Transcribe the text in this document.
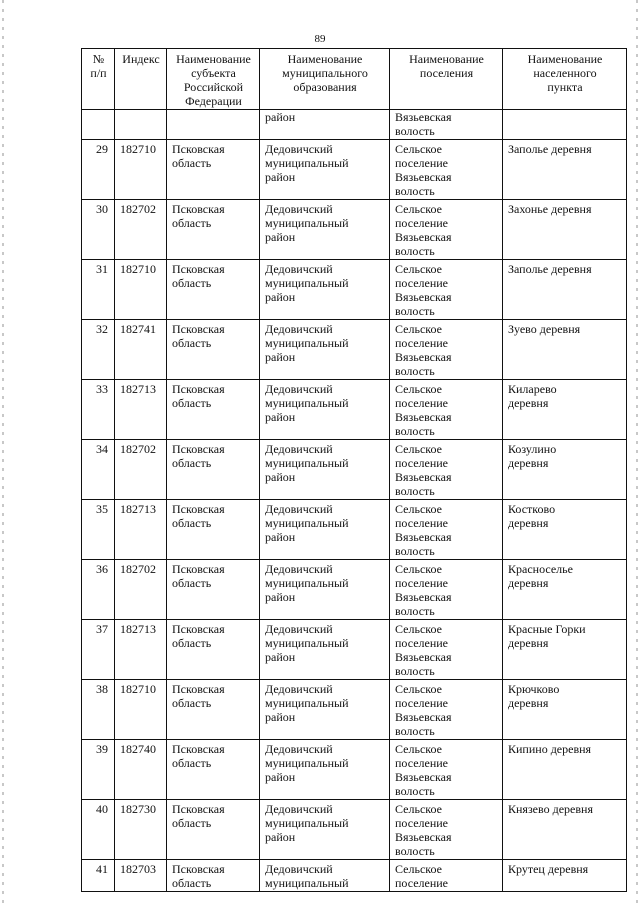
89
№
п/п	Индекс	Наименование
субъекта
Российской
Федерации	Наименование
муниципального
образования	Наименование
поселения	Наименование
населенного
пункта
			район	Вязьевская
волость	
29	182710	Псковская
область	Дедовичский
муниципальный
район	Сельское
поселение
Вязьевская
волость	Заполье деревня
30	182702	Псковская
область	Дедовичский
муниципальный
район	Сельское
поселение
Вязьевская
волость	Захонье деревня
31	182710	Псковская
область	Дедовичский
муниципальный
район	Сельское
поселение
Вязьевская
волость	Заполье деревня
32	182741	Псковская
область	Дедовичский
муниципальный
район	Сельское
поселение
Вязьевская
волость	Зуево деревня
33	182713	Псковская
область	Дедовичский
муниципальный
район	Сельское
поселение
Вязьевская
волость	Киларево
деревня
34	182702	Псковская
область	Дедовичский
муниципальный
район	Сельское
поселение
Вязьевская
волость	Козулино
деревня
35	182713	Псковская
область	Дедовичский
муниципальный
район	Сельское
поселение
Вязьевская
волость	Костково
деревня
36	182702	Псковская
область	Дедовичский
муниципальный
район	Сельское
поселение
Вязьевская
волость	Красноселье
деревня
37	182713	Псковская
область	Дедовичский
муниципальный
район	Сельское
поселение
Вязьевская
волость	Красные Горки
деревня
38	182710	Псковская
область	Дедовичский
муниципальный
район	Сельское
поселение
Вязьевская
волость	Крючково
деревня
39	182740	Псковская
область	Дедовичский
муниципальный
район	Сельское
поселение
Вязьевская
волость	Кипино деревня
40	182730	Псковская
область	Дедовичский
муниципальный
район	Сельское
поселение
Вязьевская
волость	Князево деревня
41	182703	Псковская
область	Дедовичский
муниципальный	Сельское
поселение	Крутец деревня
